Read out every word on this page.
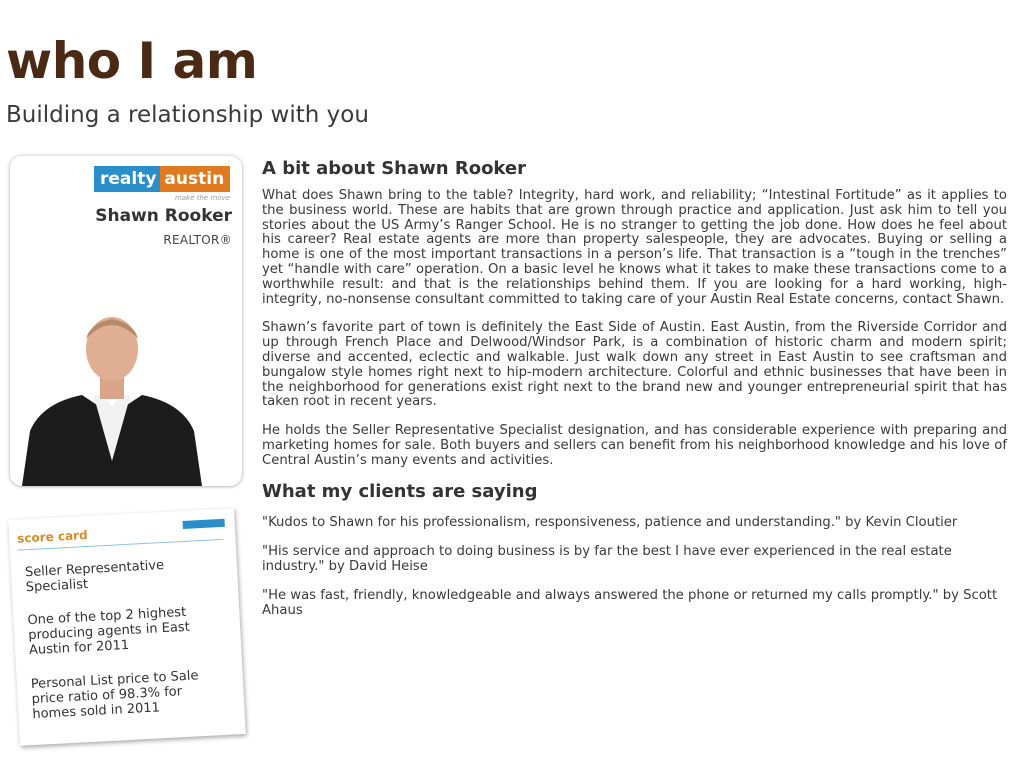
who I am
Building a relationship with you
realty austin
make the move
Shawn Rooker
REALTOR®
score card
Seller Representative Specialist
One of the top 2 highest producing agents in East Austin for 2011
Personal List price to Sale price ratio of 98.3% for homes sold in 2011
A bit about Shawn Rooker

What does Shawn bring to the table? Integrity, hard work, and reliability; “Intestinal Fortitude” as it applies to the business world. These are habits that are grown through practice and application. Just ask him to tell you stories about the US Army’s Ranger School. He is no stranger to getting the job done. How does he feel about his career? Real estate agents are more than property salespeople, they are advocates. Buying or selling a home is one of the most important transactions in a person’s life. That transaction is a “tough in the trenches” yet “handle with care” operation. On a basic level he knows what it takes to make these transactions come to a worthwhile result: and that is the relationships behind them. If you are looking for a hard working, high-integrity, no-nonsense consultant committed to taking care of your Austin Real Estate concerns, contact Shawn.

Shawn’s favorite part of town is definitely the East Side of Austin. East Austin, from the Riverside Corridor and up through French Place and Delwood/Windsor Park, is a combination of historic charm and modern spirit; diverse and accented, eclectic and walkable. Just walk down any street in East Austin to see craftsman and bungalow style homes right next to hip-modern architecture. Colorful and ethnic businesses that have been in the neighborhood for generations exist right next to the brand new and younger entrepreneurial spirit that has taken root in recent years.

He holds the Seller Representative Specialist designation, and has considerable experience with preparing and marketing homes for sale. Both buyers and sellers can benefit from his neighborhood knowledge and his love of Central Austin’s many events and activities.

What my clients are saying

"Kudos to Shawn for his professionalism, responsiveness, patience and understanding." by Kevin Cloutier

"His service and approach to doing business is by far the best I have ever experienced in the real estate industry." by David Heise

"He was fast, friendly, knowledgeable and always answered the phone or returned my calls promptly." by Scott Ahaus
